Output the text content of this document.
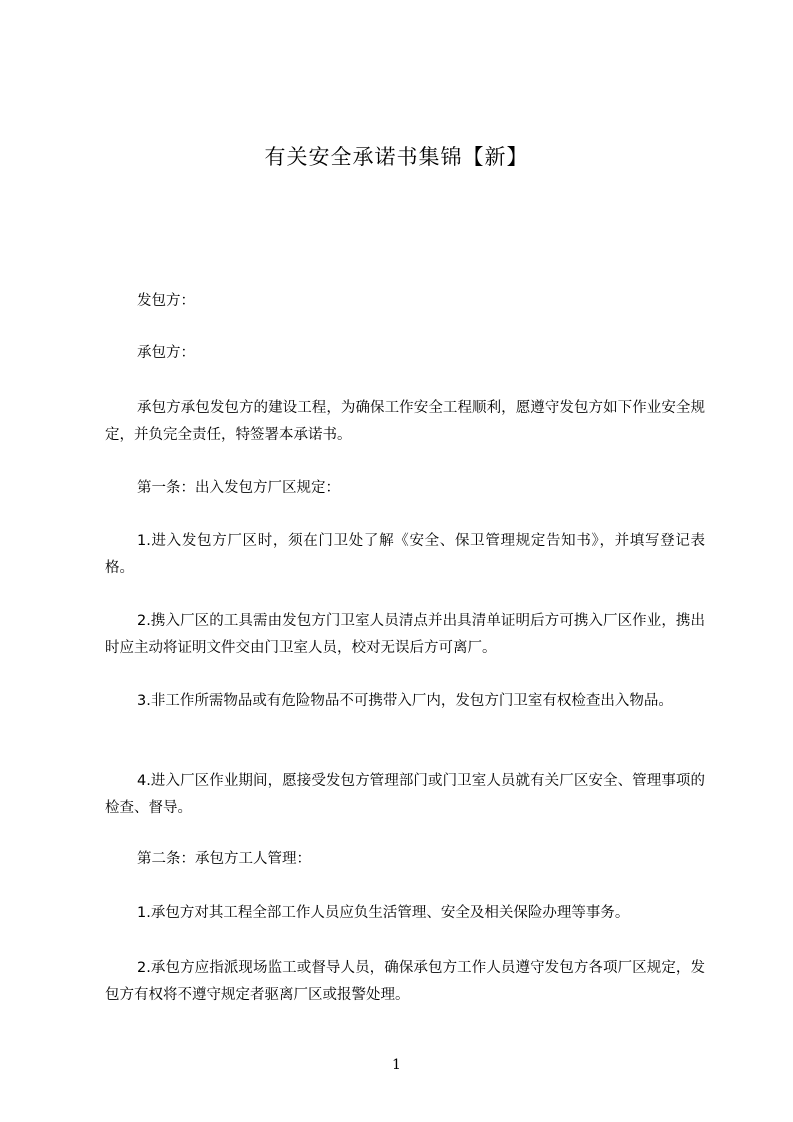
有关安全承诺书集锦【新】

发包方：

承包方：

承包方承包发包方的建设工程，为确保工作安全工程顺利，愿遵守发包方如下作业安全规定，并负完全责任，特签署本承诺书。

第一条：出入发包方厂区规定：

1.进入发包方厂区时，须在门卫处了解《安全、保卫管理规定告知书》，并填写登记表格。

2.携入厂区的工具需由发包方门卫室人员清点并出具清单证明后方可携入厂区作业，携出时应主动将证明文件交由门卫室人员，校对无误后方可离厂。

3.非工作所需物品或有危险物品不可携带入厂内，发包方门卫室有权检查出入物品。

4.进入厂区作业期间，愿接受发包方管理部门或门卫室人员就有关厂区安全、管理事项的检查、督导。

第二条：承包方工人管理：

1.承包方对其工程全部工作人员应负生活管理、安全及相关保险办理等事务。

2.承包方应指派现场监工或督导人员，确保承包方工作人员遵守发包方各项厂区规定，发包方有权将不遵守规定者驱离厂区或报警处理。

1
